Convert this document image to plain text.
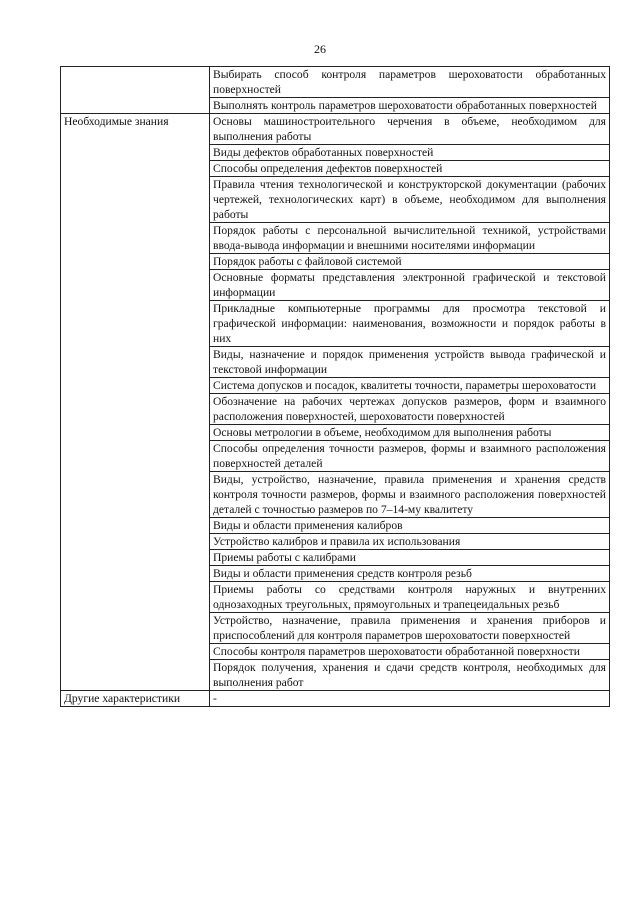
26
	Выбирать способ контроля параметров шероховатости обработанных поверхностей
	Выполнять контроль параметров шероховатости обработанных поверхностей
Необходимые знания	Основы машиностроительного черчения в объеме, необходимом для выполнения работы
	Виды дефектов обработанных поверхностей
	Способы определения дефектов поверхностей
	Правила чтения технологической и конструкторской документации (рабочих чертежей, технологических карт) в объеме, необходимом для выполнения работы
	Порядок работы с персональной вычислительной техникой, устройствами ввода-вывода информации и внешними носителями информации
	Порядок работы с файловой системой
	Основные форматы представления электронной графической и текстовой информации
	Прикладные компьютерные программы для просмотра текстовой и графической информации: наименования, возможности и порядок работы в них
	Виды, назначение и порядок применения устройств вывода графической и текстовой информации
	Система допусков и посадок, квалитеты точности, параметры шероховатости
	Обозначение на рабочих чертежах допусков размеров, форм и взаимного расположения поверхностей, шероховатости поверхностей
	Основы метрологии в объеме, необходимом для выполнения работы
	Способы определения точности размеров, формы и взаимного расположения поверхностей деталей
	Виды, устройство, назначение, правила применения и хранения средств контроля точности размеров, формы и взаимного расположения поверхностей деталей с точностью размеров по 7–14-му квалитету
	Виды и области применения калибров
	Устройство калибров и правила их использования
	Приемы работы с калибрами
	Виды и области применения средств контроля резьб
	Приемы работы со средствами контроля наружных и внутренних однозаходных треугольных, прямоугольных и трапецеидальных резьб
	Устройство, назначение, правила применения и хранения приборов и приспособлений для контроля параметров шероховатости поверхностей
	Способы контроля параметров шероховатости обработанной поверхности
	Порядок получения, хранения и сдачи средств контроля, необходимых для выполнения работ
Другие характеристики	-
